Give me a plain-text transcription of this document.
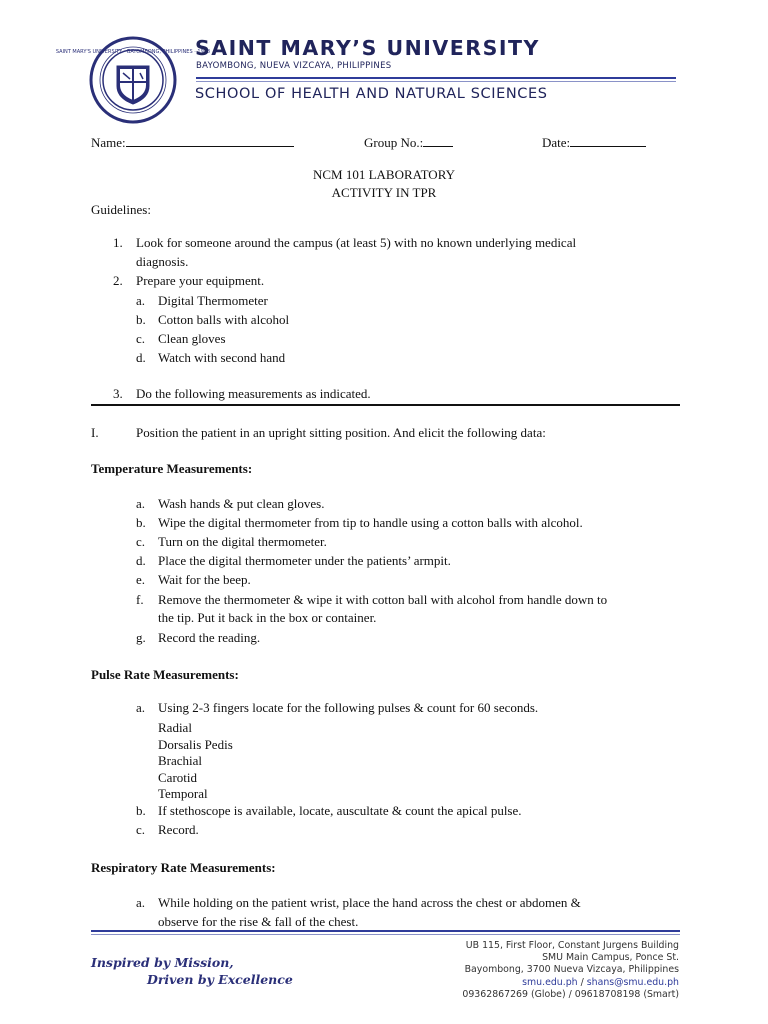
SAINT MARY'S UNIVERSITY · BAYOMBONG, PHILIPPINES · 1928
SAINT MARY’S UNIVERSITY
BAYOMBONG, NUEVA VIZCAYA, PHILIPPINES
SCHOOL OF HEALTH AND NATURAL SCIENCES
Name:	Group No.:	Date:
NCM 101 LABORATORY
ACTIVITY IN TPR
Guidelines:
1. Look for someone around the campus (at least 5) with no known underlying medical
diagnosis.
2. Prepare your equipment.
a. Digital Thermometer
b. Cotton balls with alcohol
c. Clean gloves
d. Watch with second hand
3. Do the following measurements as indicated.
I.	Position the patient in an upright sitting position. And elicit the following data:
Temperature Measurements:
a. Wash hands & put clean gloves.
b. Wipe the digital thermometer from tip to handle using a cotton balls with alcohol.
c. Turn on the digital thermometer.
d. Place the digital thermometer under the patients’ armpit.
e. Wait for the beep.
f. Remove the thermometer & wipe it with cotton ball with alcohol from handle down to
the tip. Put it back in the box or container.
g. Record the reading.
Pulse Rate Measurements:
a. Using 2-3 fingers locate for the following pulses & count for 60 seconds.
Radial
Dorsalis Pedis
Brachial
Carotid
Temporal
b. If stethoscope is available, locate, auscultate & count the apical pulse.
c. Record.
Respiratory Rate Measurements:
a. While holding on the patient wrist, place the hand across the chest or abdomen &
observe for the rise & fall of the chest.
Inspired by Mission,
Driven by Excellence
UB 115, First Floor, Constant Jurgens Building
SMU Main Campus, Ponce St.
Bayombong, 3700 Nueva Vizcaya, Philippines
smu.edu.ph / shans@smu.edu.ph
09362867269 (Globe) / 09618708198 (Smart)
